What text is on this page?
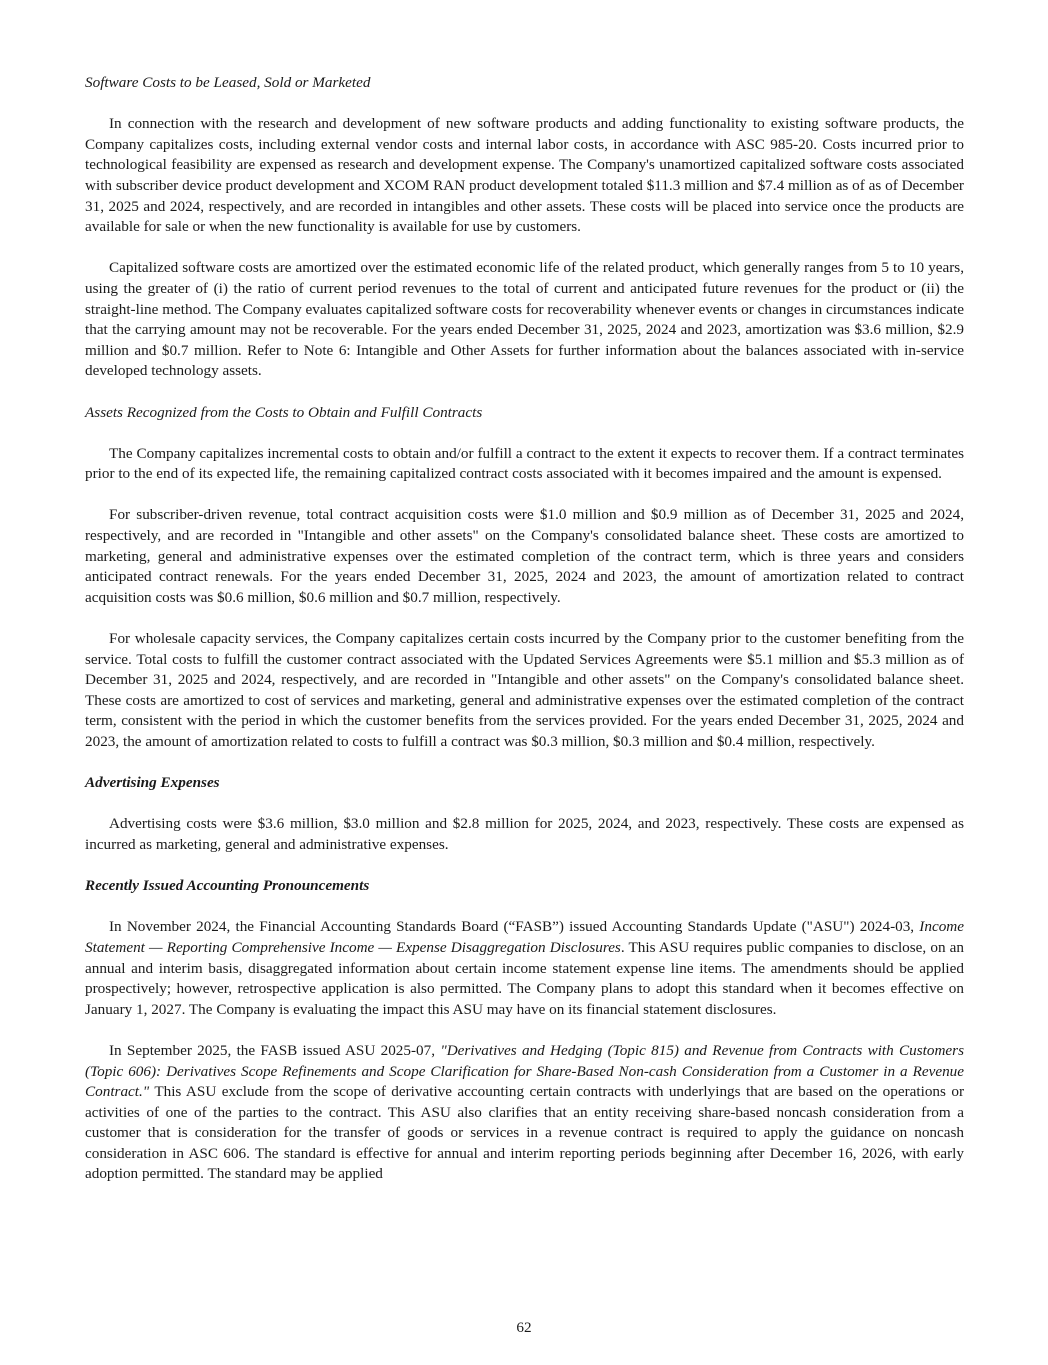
Software Costs to be Leased, Sold or Marketed

In connection with the research and development of new software products and adding functionality to existing software products, the Company capitalizes costs, including external vendor costs and internal labor costs, in accordance with ASC 985-20. Costs incurred prior to technological feasibility are expensed as research and development expense. The Company's unamortized capitalized software costs associated with subscriber device product development and XCOM RAN product development totaled $11.3 million and $7.4 million as of as of December 31, 2025 and 2024, respectively, and are recorded in intangibles and other assets. These costs will be placed into service once the products are available for sale or when the new functionality is available for use by customers.

Capitalized software costs are amortized over the estimated economic life of the related product, which generally ranges from 5 to 10 years, using the greater of (i) the ratio of current period revenues to the total of current and anticipated future revenues for the product or (ii) the straight-line method. The Company evaluates capitalized software costs for recoverability whenever events or changes in circumstances indicate that the carrying amount may not be recoverable. For the years ended December 31, 2025, 2024 and 2023, amortization was $3.6 million, $2.9 million and $0.7 million. Refer to Note 6: Intangible and Other Assets for further information about the balances associated with in-service developed technology assets.

Assets Recognized from the Costs to Obtain and Fulfill Contracts

The Company capitalizes incremental costs to obtain and/or fulfill a contract to the extent it expects to recover them. If a contract terminates prior to the end of its expected life, the remaining capitalized contract costs associated with it becomes impaired and the amount is expensed.

For subscriber-driven revenue, total contract acquisition costs were $1.0 million and $0.9 million as of December 31, 2025 and 2024, respectively, and are recorded in "Intangible and other assets" on the Company's consolidated balance sheet. These costs are amortized to marketing, general and administrative expenses over the estimated completion of the contract term, which is three years and considers anticipated contract renewals. For the years ended December 31, 2025, 2024 and 2023, the amount of amortization related to contract acquisition costs was $0.6 million, $0.6 million and $0.7 million, respectively.

For wholesale capacity services, the Company capitalizes certain costs incurred by the Company prior to the customer benefiting from the service. Total costs to fulfill the customer contract associated with the Updated Services Agreements were $5.1 million and $5.3 million as of December 31, 2025 and 2024, respectively, and are recorded in "Intangible and other assets" on the Company's consolidated balance sheet. These costs are amortized to cost of services and marketing, general and administrative expenses over the estimated completion of the contract term, consistent with the period in which the customer benefits from the services provided. For the years ended December 31, 2025, 2024 and 2023, the amount of amortization related to costs to fulfill a contract was $0.3 million, $0.3 million and $0.4 million, respectively.

Advertising Expenses

Advertising costs were $3.6 million, $3.0 million and $2.8 million for 2025, 2024, and 2023, respectively. These costs are expensed as incurred as marketing, general and administrative expenses.

Recently Issued Accounting Pronouncements

In November 2024, the Financial Accounting Standards Board (“FASB”) issued Accounting Standards Update ("ASU") 2024-03, Income Statement — Reporting Comprehensive Income — Expense Disaggregation Disclosures. This ASU requires public companies to disclose, on an annual and interim basis, disaggregated information about certain income statement expense line items. The amendments should be applied prospectively; however, retrospective application is also permitted. The Company plans to adopt this standard when it becomes effective on January 1, 2027. The Company is evaluating the impact this ASU may have on its financial statement disclosures.

In September 2025, the FASB issued ASU 2025-07, "Derivatives and Hedging (Topic 815) and Revenue from Contracts with Customers (Topic 606): Derivatives Scope Refinements and Scope Clarification for Share-Based Non-cash Consideration from a Customer in a Revenue Contract." This ASU exclude from the scope of derivative accounting certain contracts with underlyings that are based on the operations or activities of one of the parties to the contract. This ASU also clarifies that an entity receiving share-based noncash consideration from a customer that is consideration for the transfer of goods or services in a revenue contract is required to apply the guidance on noncash consideration in ASC 606. The standard is effective for annual and interim reporting periods beginning after December 16, 2026, with early adoption permitted. The standard may be applied

62
